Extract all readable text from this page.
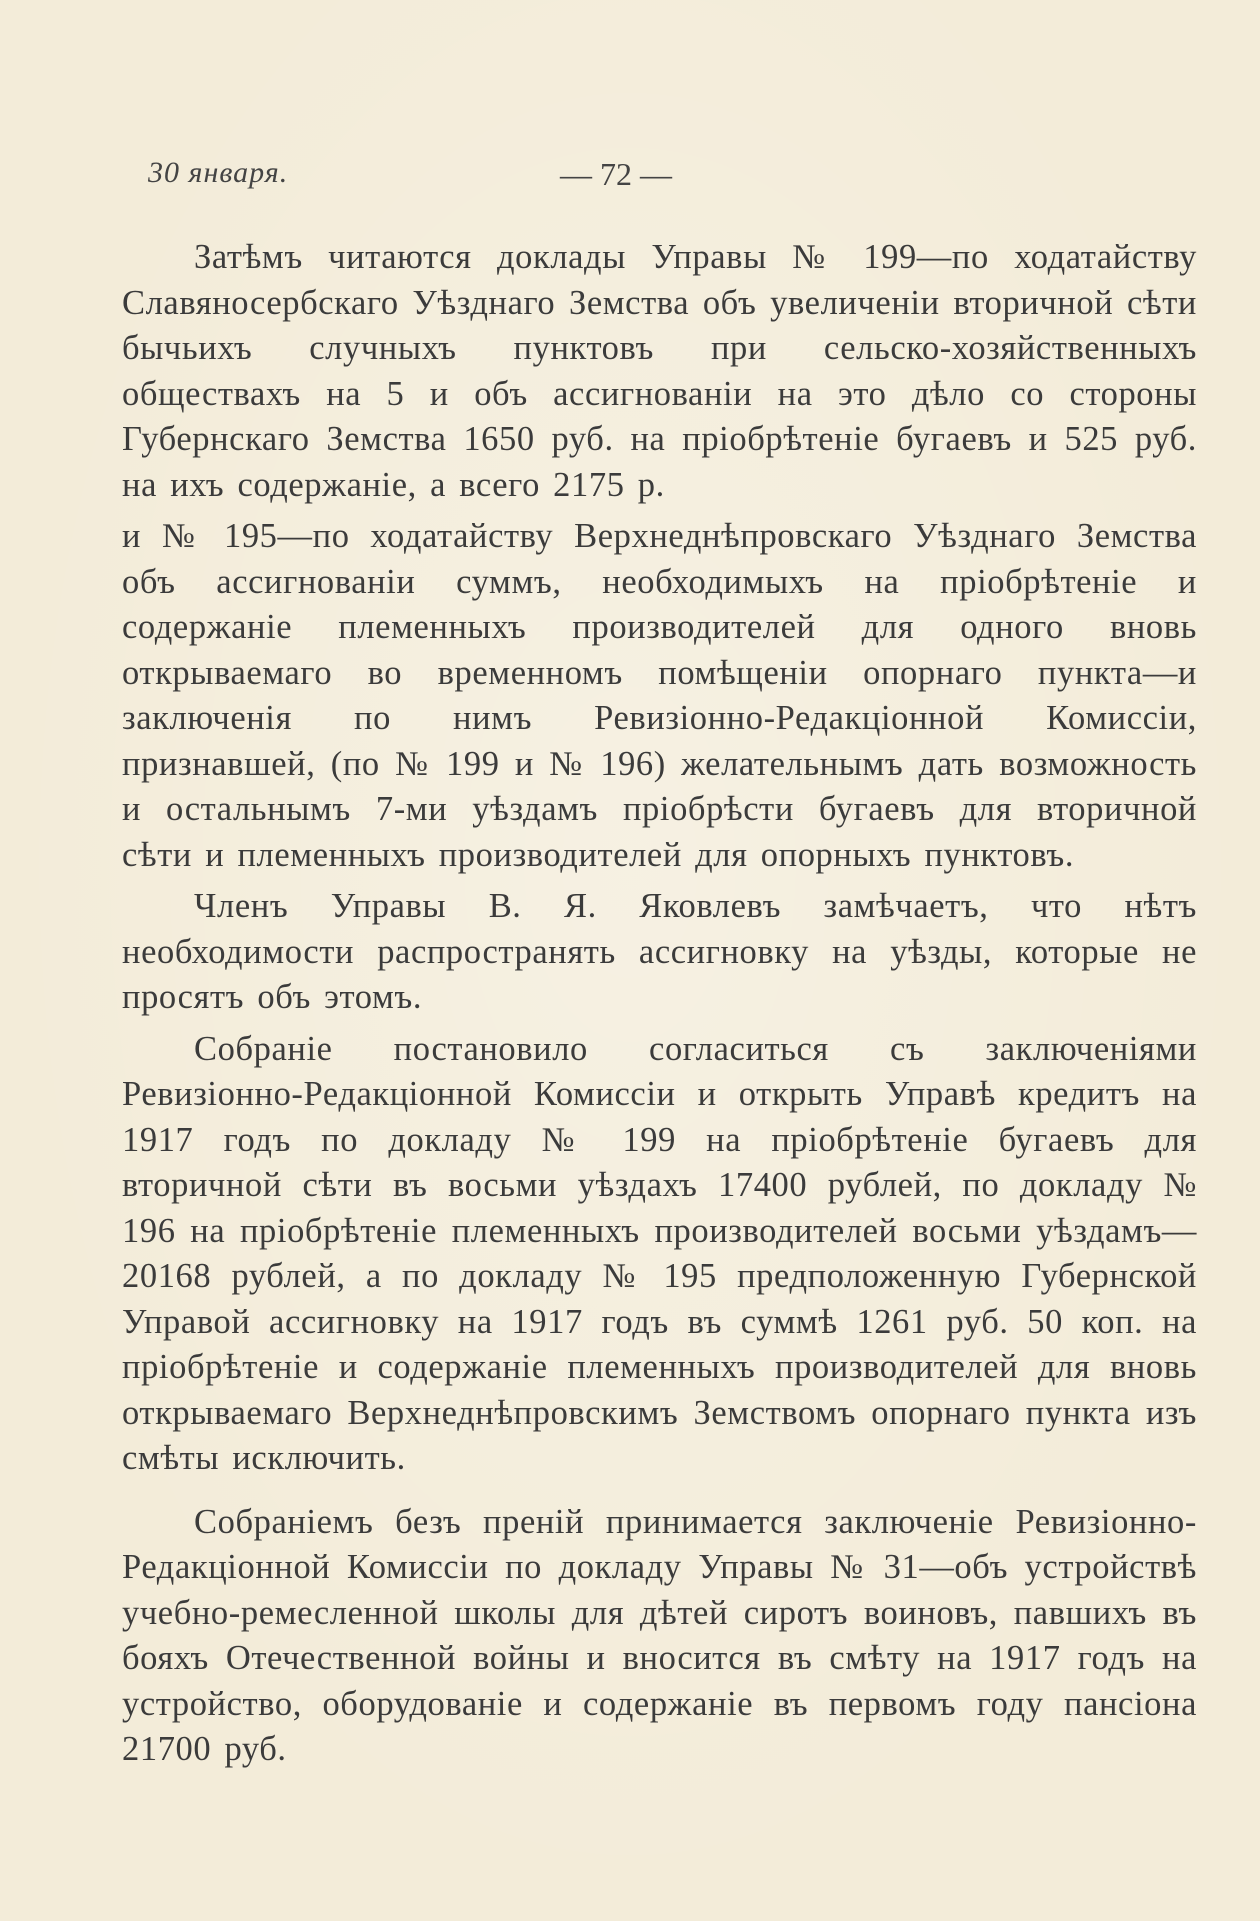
30 января.	— 72 —

Затѣмъ читаются доклады Управы № 199—по ходатайству Славяносербскаго Уѣзднаго Земства объ увеличеніи вторичной сѣти бычьихъ случныхъ пунктовъ при сельско-хозяйственныхъ обществахъ на 5 и объ ассигнованіи на это дѣло со стороны Губернскаго Земства 1650 руб. на пріобрѣтеніе бугаевъ и 525 руб. на ихъ содержаніе, а всего 2175 р.

и № 195—по ходатайству Верхнеднѣпровскаго Уѣзднаго Земства объ ассигнованіи суммъ, необходимыхъ на пріобрѣтеніе и содержаніе племенныхъ производителей для одного вновь открываемаго во временномъ помѣщеніи опорнаго пункта—и заключенія по нимъ Ревизіонно-Редакціонной Комиссіи, признавшей, (по № 199 и № 196) желательнымъ дать возможность и остальнымъ 7-ми уѣздамъ пріобрѣсти бугаевъ для вторичной сѣти и племенныхъ производителей для опорныхъ пунктовъ.

Членъ Управы В. Я. Яковлевъ замѣчаетъ, что нѣтъ необходимости распространять ассигновку на уѣзды, которые не просятъ объ этомъ.

Собраніе постановило согласиться съ заключеніями Ревизіонно-Редакціонной Комиссіи и открыть Управѣ кредитъ на 1917 годъ по докладу № 199 на пріобрѣтеніе бугаевъ для вторичной сѣти въ восьми уѣздахъ 17400 рублей, по докладу № 196 на пріобрѣтеніе племенныхъ производителей восьми уѣздамъ—20168 рублей, а по докладу № 195 предположенную Губернской Управой ассигновку на 1917 годъ въ суммѣ 1261 руб. 50 коп. на пріобрѣтеніе и содержаніе племенныхъ производителей для вновь открываемаго Верхнеднѣпровскимъ Земствомъ опорнаго пункта изъ смѣты исключить.

Собраніемъ безъ преній принимается заключеніе Ревизіонно-Редакціонной Комиссіи по докладу Управы № 31—объ устройствѣ учебно-ремесленной школы для дѣтей сиротъ воиновъ, павшихъ въ бояхъ Отечественной войны и вносится въ смѣту на 1917 годъ на устройство, оборудованіе и содержаніе въ первомъ году пансіона 21700 руб.
